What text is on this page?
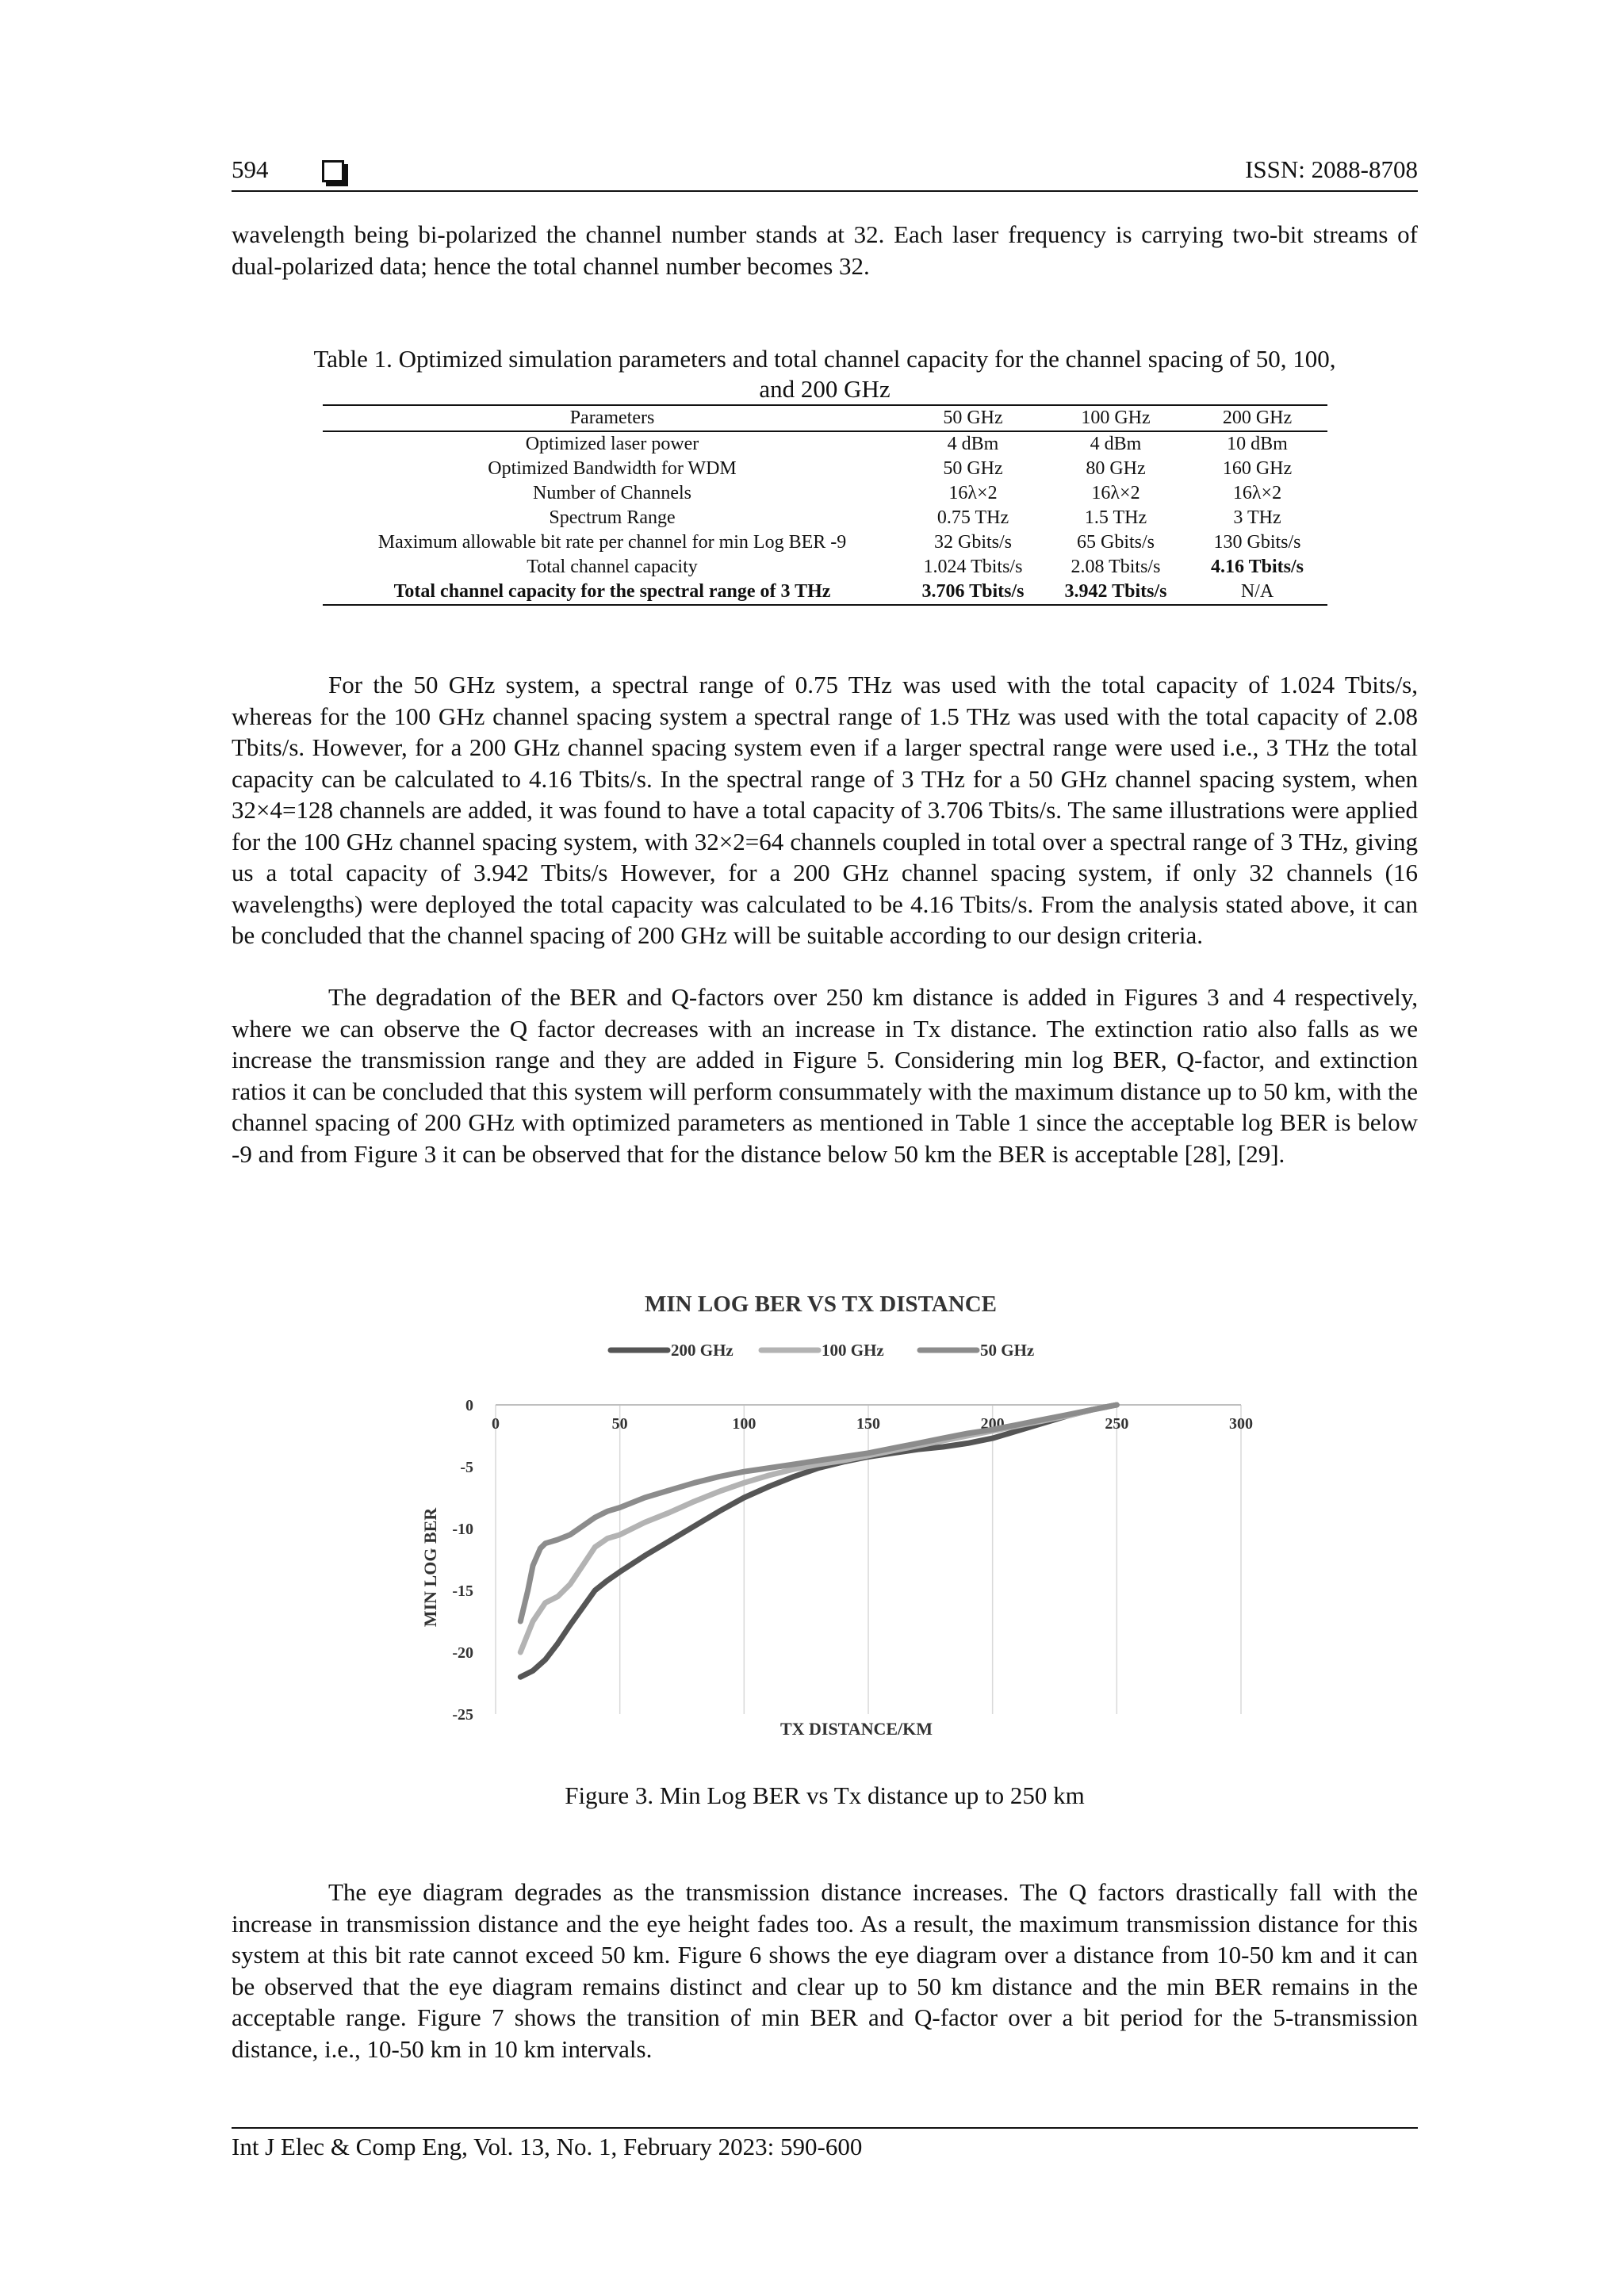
594	ISSN: 2088-8708

wavelength being bi-polarized the channel number stands at 32. Each laser frequency is carrying two-bit streams of dual-polarized data; hence the total channel number becomes 32.

Table 1. Optimized simulation parameters and total channel capacity for the channel spacing of 50, 100, and 200 GHz

Parameters	50 GHz	100 GHz	200 GHz
Optimized laser power	4 dBm	4 dBm	10 dBm
Optimized Bandwidth for WDM	50 GHz	80 GHz	160 GHz
Number of Channels	16λ×2	16λ×2	16λ×2
Spectrum Range	0.75 THz	1.5 THz	3 THz
Maximum allowable bit rate per channel for min Log BER -9	32 Gbits/s	65 Gbits/s	130 Gbits/s
Total channel capacity	1.024 Tbits/s	2.08 Tbits/s	4.16 Tbits/s
Total channel capacity for the spectral range of 3 THz	3.706 Tbits/s	3.942 Tbits/s	N/A

For the 50 GHz system, a spectral range of 0.75 THz was used with the total capacity of 1.024 Tbits/s, whereas for the 100 GHz channel spacing system a spectral range of 1.5 THz was used with the total capacity of 2.08 Tbits/s. However, for a 200 GHz channel spacing system even if a larger spectral range were used i.e., 3 THz the total capacity can be calculated to 4.16 Tbits/s. In the spectral range of 3 THz for a 50 GHz channel spacing system, when 32×4=128 channels are added, it was found to have a total capacity of 3.706 Tbits/s. The same illustrations were applied for the 100 GHz channel spacing system, with 32×2=64 channels coupled in total over a spectral range of 3 THz, giving us a total capacity of 3.942 Tbits/s However, for a 200 GHz channel spacing system, if only 32 channels (16 wavelengths) were deployed the total capacity was calculated to be 4.16 Tbits/s. From the analysis stated above, it can be concluded that the channel spacing of 200 GHz will be suitable according to our design criteria.

The degradation of the BER and Q-factors over 250 km distance is added in Figures 3 and 4 respectively, where we can observe the Q factor decreases with an increase in Tx distance. The extinction ratio also falls as we increase the transmission range and they are added in Figure 5. Considering min log BER, Q-factor, and extinction ratios it can be concluded that this system will perform consummately with the maximum distance up to 50 km, with the channel spacing of 200 GHz with optimized parameters as mentioned in Table 1 since the acceptable log BER is below -9 and from Figure 3 it can be observed that for the distance below 50 km the BER is acceptable [28], [29].

MIN LOG BER VS TX DISTANCE
200 GHz	100 GHz	50 GHz
0	50	100	150	200	250	300
0
-5
-10
-15
-20
-25
TX DISTANCE/KM
MIN LOG BER

Figure 3. Min Log BER vs Tx distance up to 250 km

The eye diagram degrades as the transmission distance increases. The Q factors drastically fall with the increase in transmission distance and the eye height fades too. As a result, the maximum transmission distance for this system at this bit rate cannot exceed 50 km. Figure 6 shows the eye diagram over a distance from 10-50 km and it can be observed that the eye diagram remains distinct and clear up to 50 km distance and the min BER remains in the acceptable range. Figure 7 shows the transition of min BER and Q-factor over a bit period for the 5-transmission distance, i.e., 10-50 km in 10 km intervals.

Int J Elec & Comp Eng, Vol. 13, No. 1, February 2023: 590-600
